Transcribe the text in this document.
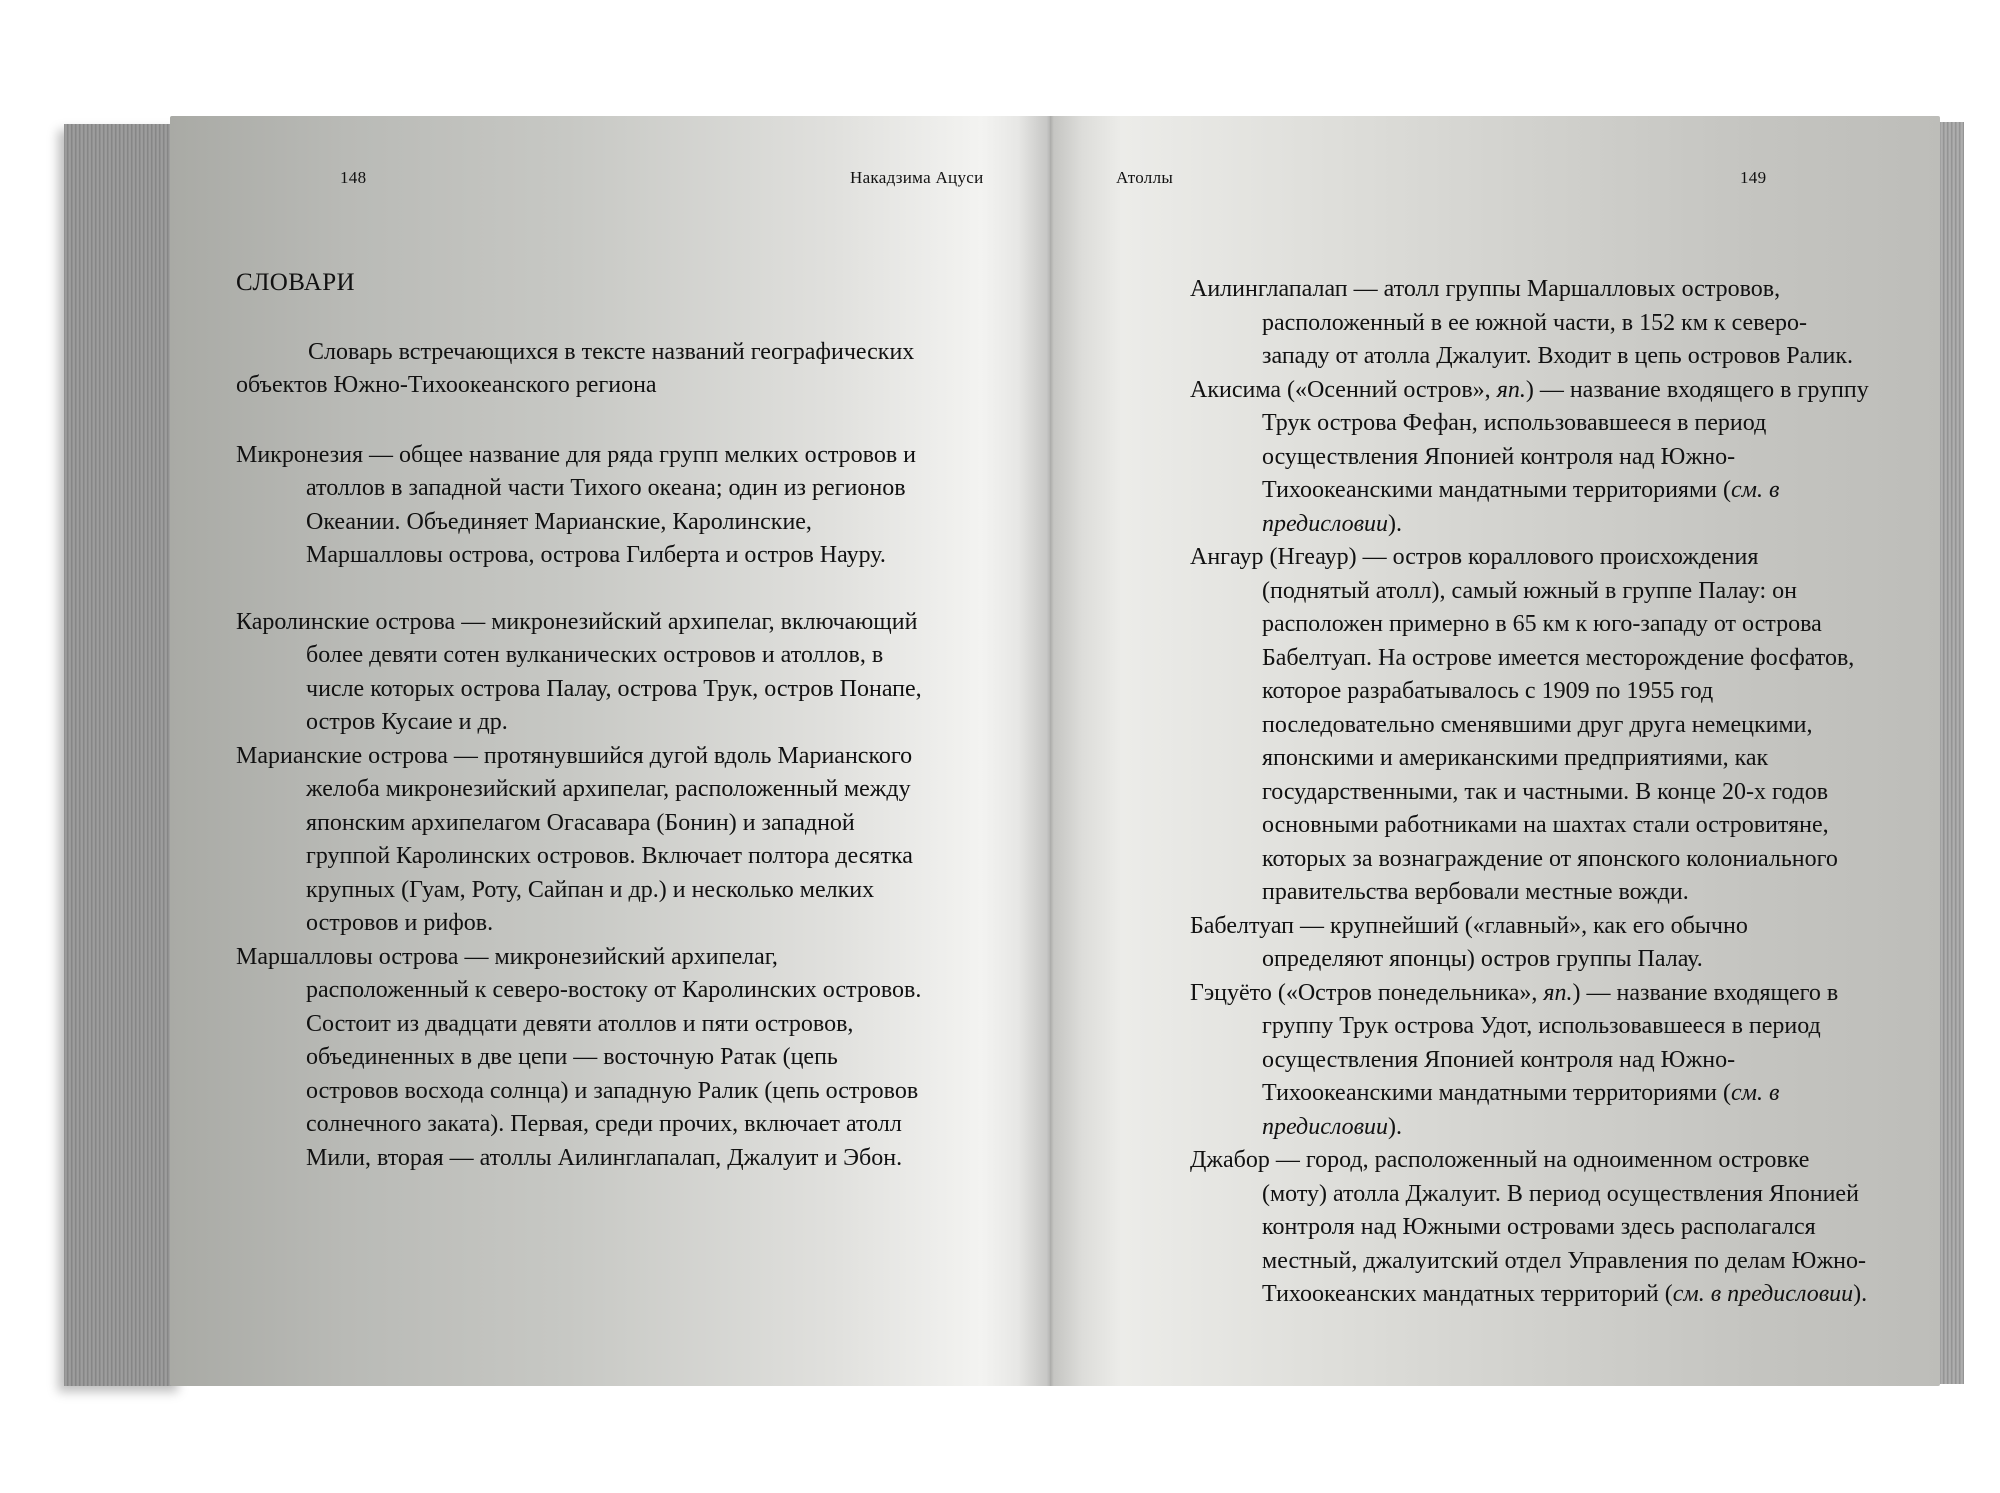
148	Накадзима Ацуси

СЛОВАРИ

Словарь встречающихся в тексте названий географических объектов Южно-Тихоокеанского региона

Микронезия — общее название для ряда групп мелких островов и атоллов в западной части Тихого океана; один из регионов Океании. Объединяет Марианские, Каролинские, Маршалловы острова, острова Гилберта и остров Науру.

Каролинские острова — микронезийский архипелаг, включающий более девяти сотен вулканических островов и атоллов, в числе которых острова Палау, острова Трук, остров Понапе, остров Кусаие и др.

Марианские острова — протянувшийся дугой вдоль Марианского желоба микронезийский архипелаг, расположенный между японским архипелагом Огасавара (Бонин) и западной группой Каролинских островов. Включает полтора десятка крупных (Гуам, Роту, Сайпан и др.) и несколько мелких островов и рифов.

Маршалловы острова — микронезийский архипелаг, расположенный к северо-востоку от Каролинских островов. Состоит из двадцати девяти атоллов и пяти островов, объединенных в две цепи — восточную Ратак (цепь островов восхода солнца) и западную Ралик (цепь островов солнечного заката). Первая, среди прочих, включает атолл Мили, вторая — атоллы Аилинглапалап, Джалуит и Эбон.

Атоллы	149

Аилинглапалап — атолл группы Маршалловых островов, расположенный в ее южной части, в 152 км к северо-западу от атолла Джалуит. Входит в цепь островов Ралик.

Акисима («Осенний остров», яп.) — название входящего в группу Трук острова Фефан, использовавшееся в период осуществления Японией контроля над Южно-Тихоокеанскими мандатными территориями (см. в предисловии).

Ангаур (Нгеаур) — остров кораллового происхождения (поднятый атолл), самый южный в группе Палау: он расположен примерно в 65 км к юго-западу от острова Бабелтуап. На острове имеется месторождение фосфатов, которое разрабатывалось с 1909 по 1955 год последовательно сменявшими друг друга немецкими, японскими и американскими предприятиями, как государственными, так и частными. В конце 20-х годов основными работниками на шахтах стали островитяне, которых за вознаграждение от японского колониального правительства вербовали местные вожди.

Бабелтуап — крупнейший («главный», как его обычно определяют японцы) остров группы Палау.

Гэцуёто («Остров понедельника», яп.) — название входящего в группу Трук острова Удот, использовавшееся в период осуществления Японией контроля над Южно-Тихоокеанскими мандатными территориями (см. в предисловии).

Джабор — город, расположенный на одноименном островке (моту) атолла Джалуит. В период осуществления Японией контроля над Южными островами здесь располагался местный, джалуитский отдел Управления по делам Южно-Тихоокеанских мандатных территорий (см. в предисловии).
